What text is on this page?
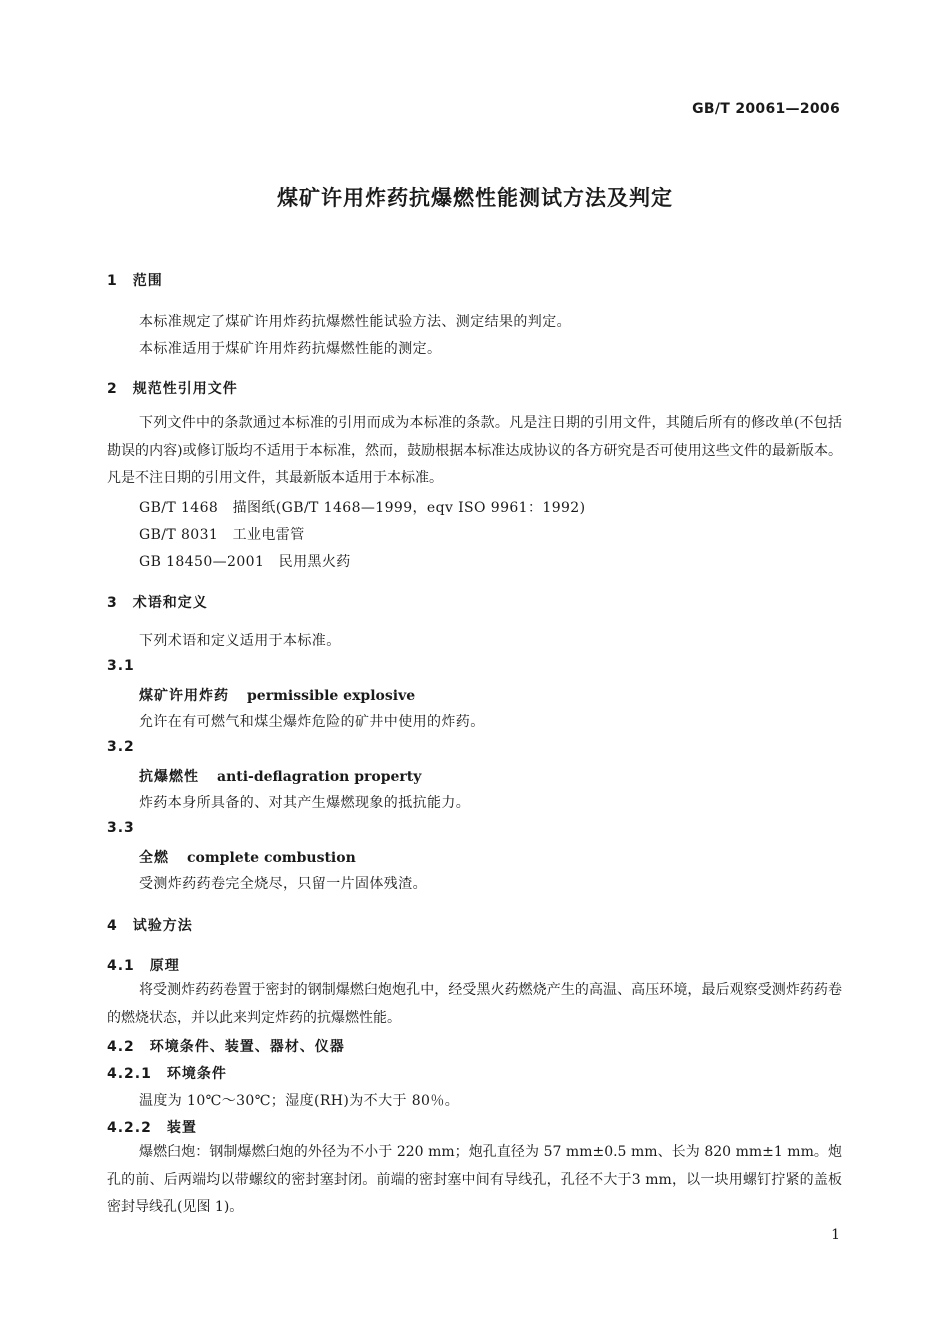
GB/T 20061—2006
煤矿许用炸药抗爆燃性能测试方法及判定
1　范围
本标准规定了煤矿许用炸药抗爆燃性能试验方法、测定结果的判定。
本标准适用于煤矿许用炸药抗爆燃性能的测定。
2　规范性引用文件
下列文件中的条款通过本标准的引用而成为本标准的条款。凡是注日期的引用文件，其随后所有的修改单(不包括勘误的内容)或修订版均不适用于本标准，然而，鼓励根据本标准达成协议的各方研究是否可使用这些文件的最新版本。凡是不注日期的引用文件，其最新版本适用于本标准。
GB/T 1468　描图纸(GB/T 1468—1999，eqv ISO 9961：1992)
GB/T 8031　工业电雷管
GB 18450—2001　民用黑火药
3　术语和定义
下列术语和定义适用于本标准。
3.1
煤矿许用炸药 permissible explosive
允许在有可燃气和煤尘爆炸危险的矿井中使用的炸药。
3.2
抗爆燃性 anti-deflagration property
炸药本身所具备的、对其产生爆燃现象的抵抗能力。
3.3
全燃 complete combustion
受测炸药药卷完全烧尽，只留一片固体残渣。
4　试验方法
4.1　原理
将受测炸药药卷置于密封的钢制爆燃臼炮炮孔中，经受黑火药燃烧产生的高温、高压环境，最后观察受测炸药药卷的燃烧状态，并以此来判定炸药的抗爆燃性能。
4.2　环境条件、装置、器材、仪器
4.2.1　环境条件
温度为 10℃～30℃；湿度(RH)为不大于 80％。
4.2.2　装置
爆燃臼炮：钢制爆燃臼炮的外径为不小于 220 mm；炮孔直径为 57 mm±0.5 mm、长为 820 mm±1 mm。炮孔的前、后两端均以带螺纹的密封塞封闭。前端的密封塞中间有导线孔，孔径不大于3 mm，以一块用螺钉拧紧的盖板密封导线孔(见图 1)。
1
